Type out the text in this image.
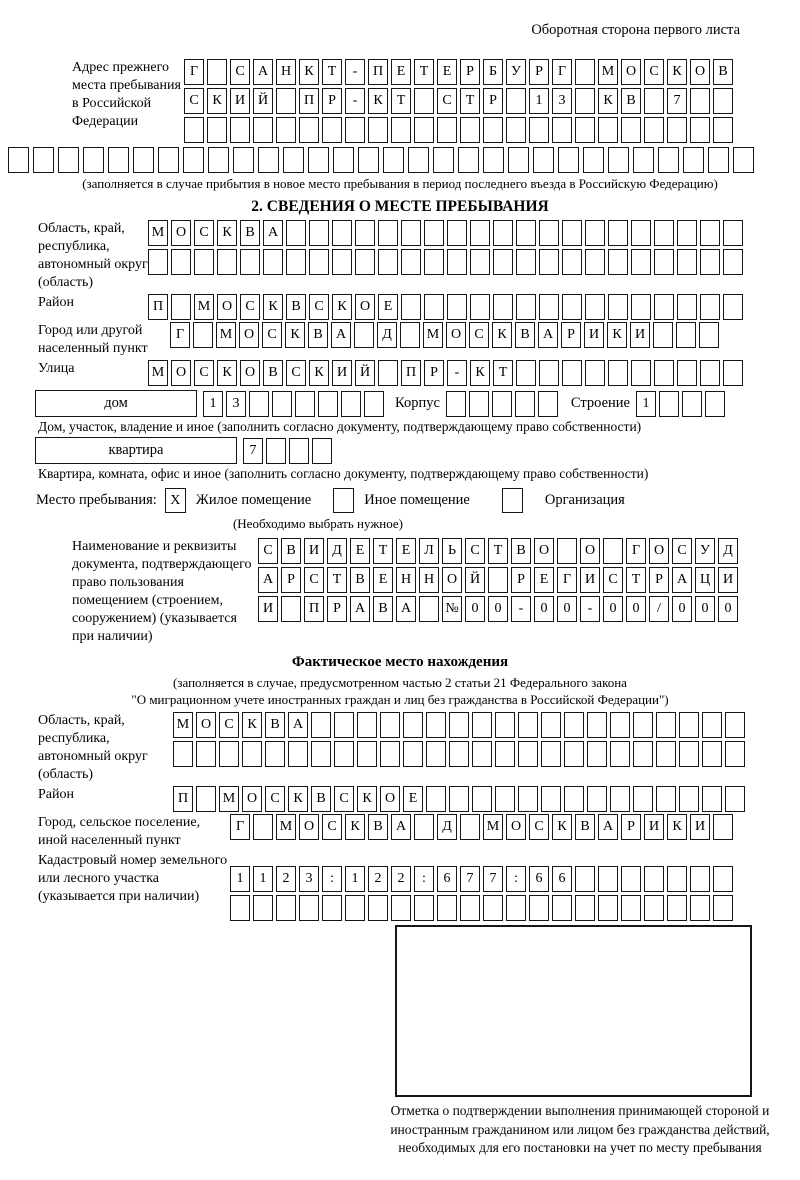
Оборотная сторона первого листа
Адрес прежнего места пребывания в Российской Федерации
Г	С А Н К	Т	-	П Е	Т	Е	Р	Б	У	Р	Г	М О С К О В
С К И Й	П	Р	-	К	Т	С	Т	Р	1	3	К В	7
(заполняется в случае прибытия в новое место пребывания в период последнего въезда в Российскую Федерацию)
2. СВЕДЕНИЯ О МЕСТЕ ПРЕБЫВАНИЯ
Область, край, республика, автономный округ (область)
М О С К В А
Район	П	М О С К В С К О Е
Город или другой населенный пункт
Г	М О С К В А	Д	М О С К В А	Р	И К И
Улица	М О С К О В С К И Й	П	Р	-	К	Т
дом	1	3	Корпус	Строение 1
Дом, участок, владение и иное (заполнить согласно документу, подтверждающему право собственности)
квартира	7
Квартира, комната, офис и иное (заполнить согласно документу, подтверждающему право собственности)
Место пребывания: X	Жилое помещение	Иное помещение	Организация
(Необходимо выбрать нужное)
Наименование и реквизиты документа, подтверждающего право пользования помещением (строением, сооружением) (указывается при наличии)
С В И Д Е	Т	Е Л	Ь	С	Т	В О	О	Г О С У Д
А	Р	С	Т	В	Е Н Н О Й	Р	Е	Г И С	Т	Р	А Ц И
И	П	Р	А В А	№ 0	0	-	0	0	-	0	0	/	0	0	0
Фактическое место нахождения
(заполняется в случае, предусмотренном частью 2 статьи 21 Федерального закона
"О миграционном учете иностранных граждан и лиц без гражданства в Российской Федерации")
Область, край, республика, автономный округ (область)
М О С К В А
Район	П	М О С К В С К О Е
Город, сельское поселение, иной населенный пункт
Г	М О С К В А	Д	М О С К В А	Р	И К И
Кадастровый номер земельного или лесного участка (указывается при наличии)
1	1	2	3	:	1	2	2	:	6	7	7	:	6	6
Отметка о подтверждении выполнения принимающей стороной и иностранным гражданином или лицом без гражданства действий, необходимых для его постановки на учет по месту пребывания
